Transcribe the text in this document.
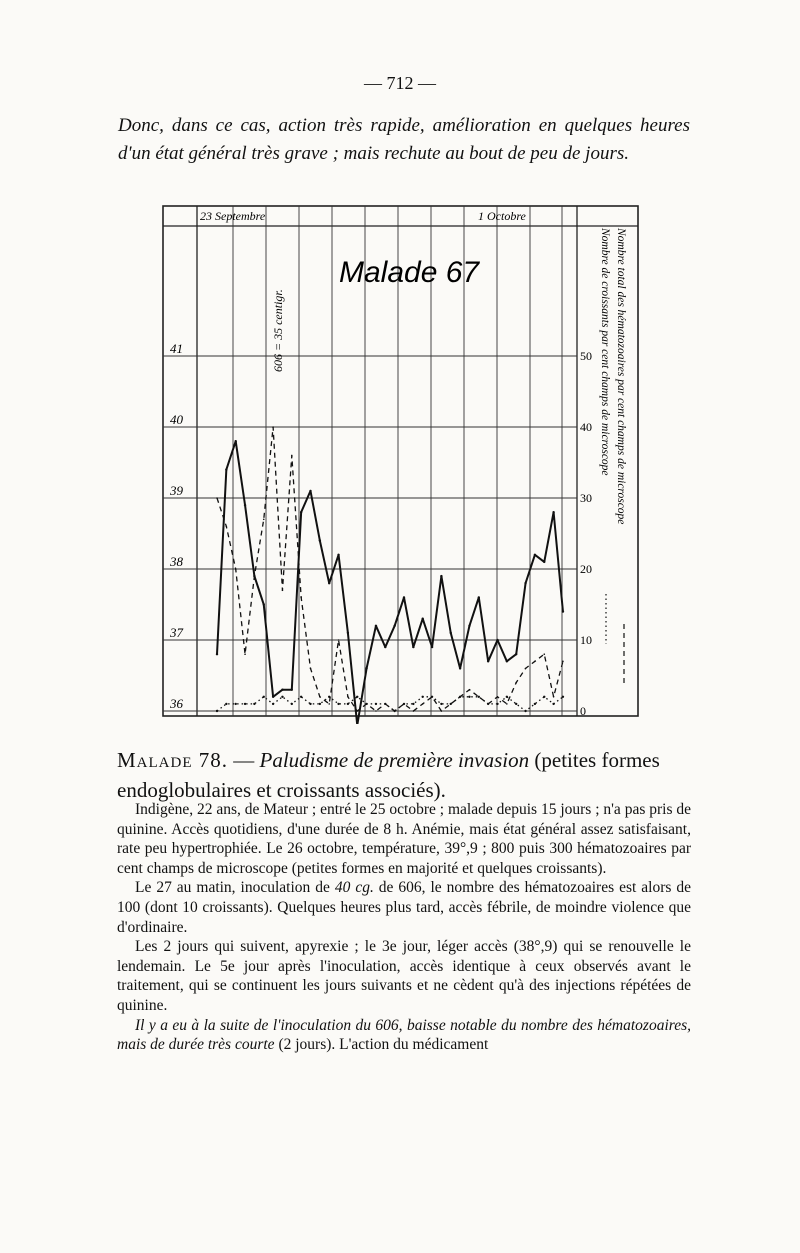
— 712 —
Donc, dans ce cas, action très rapide, amélioration en quelques heures d'un état général très grave ; mais rechute au bout de peu de jours.
Nombre total des hématozoaires par cent champs de microscope
Nombre de croissants par cent champs de microscope
41
40
39
38
37
36
50
40
30
20
10
0
23 Septembre	1 Octobre
Malade 67
606 = 35 centigr.
Malade 78. — Paludisme de première invasion (petites formes endoglobulaires et croissants associés).

Indigène, 22 ans, de Mateur ; entré le 25 octobre ; malade depuis 15 jours ; n'a pas pris de quinine. Accès quotidiens, d'une durée de 8 h. Anémie, mais état général assez satisfaisant, rate peu hypertrophiée. Le 26 octobre, température, 39°,9 ; 800 puis 300 hématozoaires par cent champs de microscope (petites formes en majorité et quelques croissants).

Le 27 au matin, inoculation de 40 cg. de 606, le nombre des hématozoaires est alors de 100 (dont 10 croissants). Quelques heures plus tard, accès fébrile, de moindre violence que d'ordinaire.

Les 2 jours qui suivent, apyrexie ; le 3e jour, léger accès (38°,9) qui se renouvelle le lendemain. Le 5e jour après l'inoculation, accès identique à ceux observés avant le traitement, qui se continuent les jours suivants et ne cèdent qu'à des injections répétées de quinine.

Il y a eu à la suite de l'inoculation du 606, baisse notable du nombre des hématozoaires, mais de durée très courte (2 jours). L'action du médicament
